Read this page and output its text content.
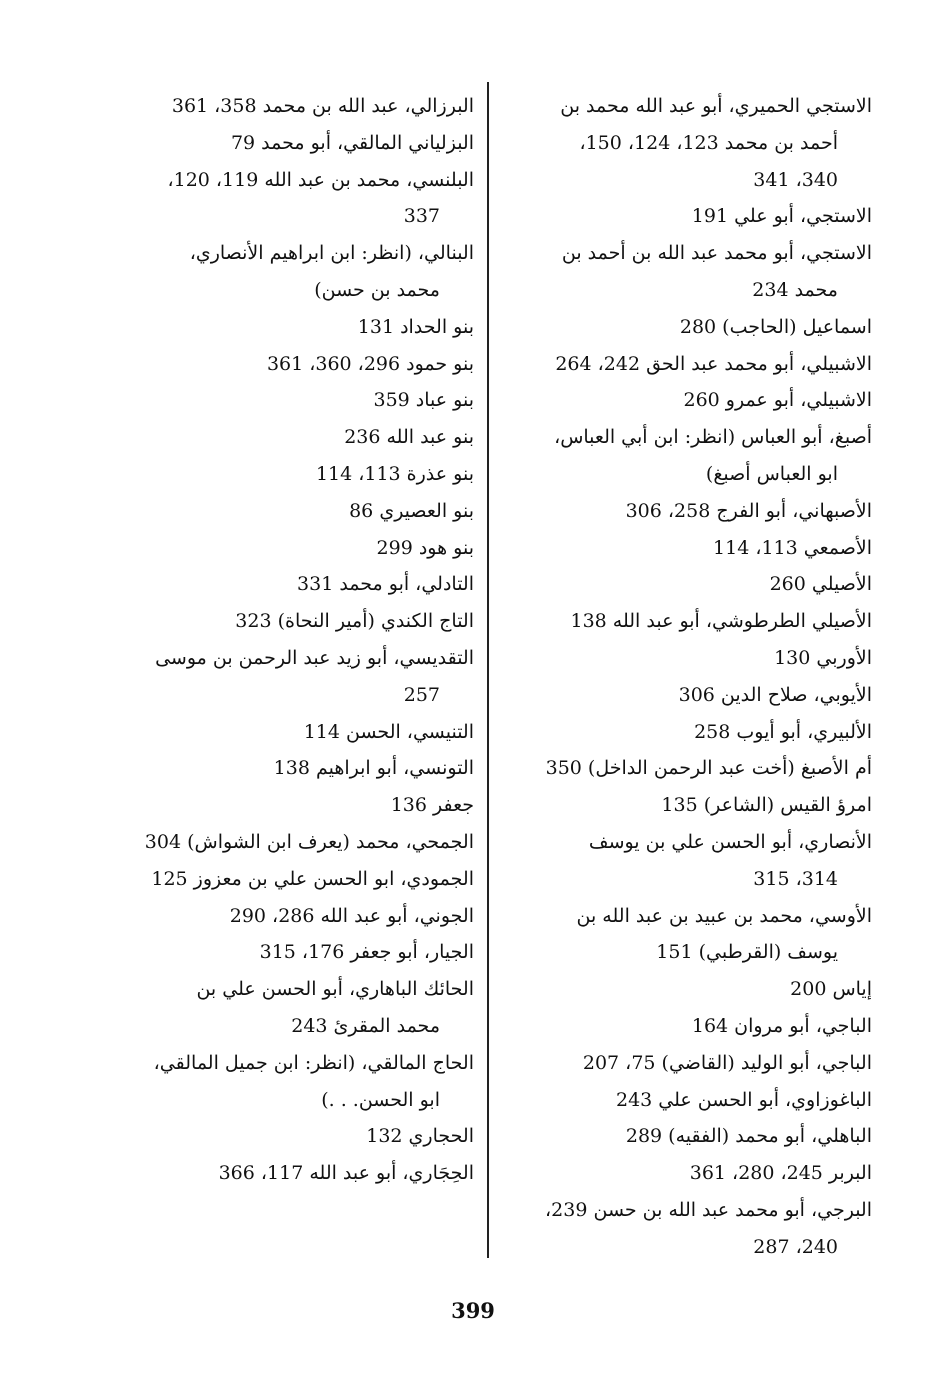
الاستجي الحميري، أبو عبد الله محمد بن
أحمد بن محمد 123، 124، 150،
340، 341
الاستجي، أبو علي 191
الاستجي، أبو محمد عبد الله بن أحمد بن
محمد 234
اسماعيل (الحاجب) 280
الاشبيلي، أبو محمد عبد الحق 242، 264
الاشبيلي، أبو عمرو 260
أصبغ، أبو العباس (انظر: ابن أبي العباس،
ابو العباس أصبغ)
الأصبهاني، أبو الفرج 258، 306
الأصمعي 113، 114
الأصيلي 260
الأصيلي الطرطوشي، أبو عبد الله 138
الأوربي 130
الأيوبي، صلاح الدين 306
الألبيري، أبو أيوب 258
أم الأصبغ (أخت عبد الرحمن الداخل) 350
امرؤ القيس (الشاعر) 135
الأنصاري، أبو الحسن علي بن يوسف
314، 315
الأوسي، محمد بن عبيد بن عبد الله بن
يوسف (القرطبي) 151
إياس 200
الباجي، أبو مروان 164
الباجي، أبو الوليد (القاضي) 75، 207
الباغوزاوي، أبو الحسن علي 243
الباهلي، أبو محمد (الفقيه) 289
البربر 245، 280، 361
البرجي، أبو محمد عبد الله بن حسن 239،
240، 287
البرزالي، عبد الله بن محمد 358، 361
البزلياني المالقي، أبو محمد 79
البلنسي، محمد بن عبد الله 119، 120،
337
البنالي، (انظر: ابن ابراهيم الأنصاري،
محمد بن حسن)
بنو الحداد 131
بنو حمود 296، 360، 361
بنو عباد 359
بنو عبد الله 236
بنو عذرة 113، 114
بنو العصيري 86
بنو هود 299
التادلي، أبو محمد 331
التاج الكندي (أمير النحاة) 323
التقديسي، أبو زيد عبد الرحمن بن موسى
257
التنيسي، الحسن 114
التونسي، أبو ابراهيم 138
جعفر 136
الجمحي، محمد (يعرف ابن الشواش) 304
الجمودي، ابو الحسن علي بن معزوز 125
الجوني، أبو عبد الله 286، 290
الجيار، أبو جعفر 176، 315
الحائك الباهاري، أبو الحسن علي بن
محمد المقرئ 243
الحاج المالقي، (انظر: ابن جميل المالقي،
ابو الحسن. . .)
الحجاري 132
الحِجَاري، أبو عبد الله 117، 366
399
